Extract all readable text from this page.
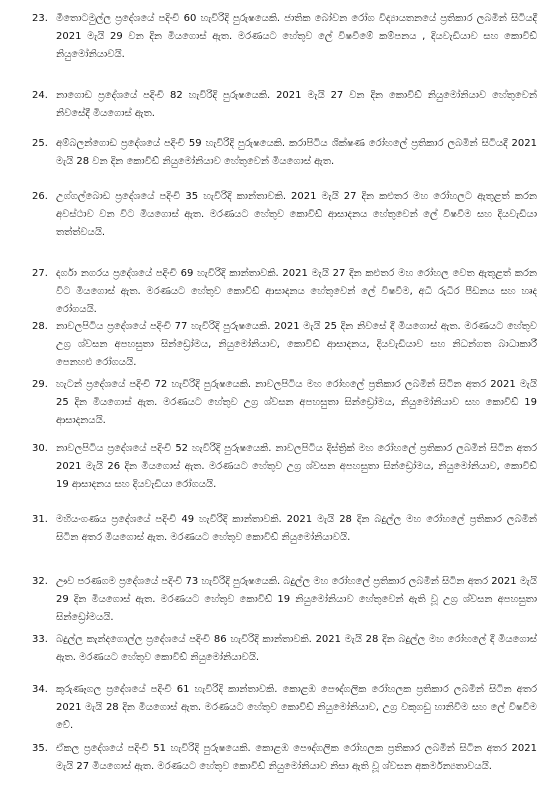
23. මීතොටමුල්ල ප්‍රදේශයේ පදිංචි 60 හැවිරිදි පුරුෂයෙකි. ජාතික බෝවන රෝග විද්‍යායතනයේ ප්‍රතිකාර ලබමින් සිටියදී 2021 මැයි 29 වන දින මියගොස් ඇත. මරණයට හේතුව ලේ විෂවීමේ කම්පනය , දියවැඩියාව සහ කොවිඩ් නියුමෝනියාවයි.
24. නාගොඩ ප්‍රදේශයේ පදිංචි 82 හැවිරිදි පුරුෂයෙකි. 2021 මැයි 27 වන දින කොවිඩ් නියුමෝනියාව හේතුවෙන් නිවසේදී මියගොස් ඇත.
25. අම්බලන්ගොඩ ප්‍රදේශයේ පදිංචි 59 හැවිරිදි පුරුෂයෙකි. කරාපිටිය ශික්ෂණ රෝහලේ ප්‍රතිකාර ලබමින් සිටියදී 2021 මැයි 28 වන දින කොවිඩ් නියුමෝනියාව හේතුවෙන් මියගොස් ඇත.
26. උග්ගල්බොඩ ප්‍රදේශයේ පදිංචි 35 හැවිරිදි කාන්තාවකි. 2021 මැයි 27 දින කළුතර මහ රෝහලට ඇතුළත් කරන අවස්ථාව වන විට මියගොස් ඇත. මරණයට හේතුව කොවිඩ් ආසාදනය හේතුවෙන් ලේ විෂවීම සහ දියවැඩියා තත්ත්වයයි.
27. දර්ගා නගරය ප්‍රදේශයේ පදිංචි 69 හැවිරිදි කාන්තාවකි. 2021 මැයි 27 දින කළුතර මහ රෝහල වෙත ඇතුළත් කරන විට මියගොස් ඇත. මරණයට හේතුව කොවිඩ් ආසාදනය හේතුවෙන් ලේ විෂවීම, අධි රුධිර පීඩනය සහ හෘද රෝගයයි.
28. නාවලපිටිය ප්‍රදේශයේ පදිංචි 77 හැවිරිදි පුරුෂයෙකි. 2021 මැයි 25 දින නිවසේ දී මියගොස් ඇත. මරණයට හේතුව උග්‍ර ශ්වසන අපහසුතා සින්ඩ්‍රෝමය, නියුමෝනියාව, කොවිඩ් ආසාදනය, දියවැඩියාව සහ නිධන්ගත බාධාකාරී පෙනහළු රෝගයයි.
29. හැටන් ප්‍රදේශයේ පදිංචි 72 හැවිරිදි පුරුෂයෙකි. නාවලපිටිය මහ රෝහලේ ප්‍රතිකාර ලබමින් සිටින අතර 2021 මැයි 25 දින මියගොස් ඇත. මරණයට හේතුව උග්‍ර ශ්වසන අපහසුතා සින්ඩ්‍රෝමය, නියුමෝනියාව සහ කොවිඩ් 19 ආසාදනයයි.
30. නාවලපිටිය ප්‍රදේශයේ පදිංචි 52 හැවිරිදි පුරුෂයෙකි. නාවලපිටිය දිස්ත්‍රික් මහ රෝහලේ ප්‍රතිකාර ලබමින් සිටින අතර 2021 මැයි 26 දින මියගොස් ඇත. මරණයට හේතුව උග්‍ර ශ්වසන අපහසුතා සින්ඩ්‍රෝමය, නියුමෝනියාව, කොවිඩ් 19 ආසාදනය සහ දියවැඩියා රෝගයයි.
31. මහියංගණය ප්‍රදේශයේ පදිංචි 49 හැවිරිදි කාන්තාවකි. 2021 මැයි 28 දින බදුල්ල මහ රෝහලේ ප්‍රතිකාර ලබමින් සිටින අතර මියගොස් ඇත. මරණයට හේතුව කොවිඩ් නියුමෝනියාවයි.
32. ඌව පරණගම ප්‍රදේශයේ පදිංචි 73 හැවිරිදි පුරුෂයෙකි. බදුල්ල මහ රෝහලේ ප්‍රතිකාර ලබමින් සිටින අතර 2021 මැයි 29 දින මියගොස් ඇත. මරණයට හේතුව කොවිඩ් 19 නියුමෝනියාව හේතුවෙන් ඇති වූ උග්‍ර ශ්වසන අපහසුතා සින්ඩ්‍රෝමයයි.
33. බදුල්ල කැන්දගොල්ල ප්‍රදේශයේ පදිංචි 86 හැවිරිදි කාන්තාවකි. 2021 මැයි 28 දින බදුල්ල මහ රෝහලේ දී මියගොස් ඇත. මරණයට හේතුව කොවිඩ් නියුමෝනියාවයි.
34. කුරුණෑගල ප්‍රදේශයේ පදිංචි 61 හැවිරිදි කාන්තාවකි. කොළඹ පෞද්ගලික රෝහලක ප්‍රතිකාර ලබමින් සිටින අතර 2021 මැයි 28 දින මියගොස් ඇත. මරණයට හේතුව කොවිඩ් නියුමෝනියාව, උග්‍ර වකුගඩු හානිවීම සහ ලේ විෂවීම වේ.
35. ඒකල ප්‍රදේශයේ පදිංචි 51 හැවිරිදි පුරුෂයෙකි. කොළඹ පෞද්ගලික රෝහලක ප්‍රතිකාර ලබමින් සිටින අතර 2021 මැයි 27 මියගොස් ඇත. මරණයට හේතුව කොවිඩ් නියුමෝනියාව නිසා ඇති වූ ශ්වසන අකර්මන්‍යතාවයයි.
